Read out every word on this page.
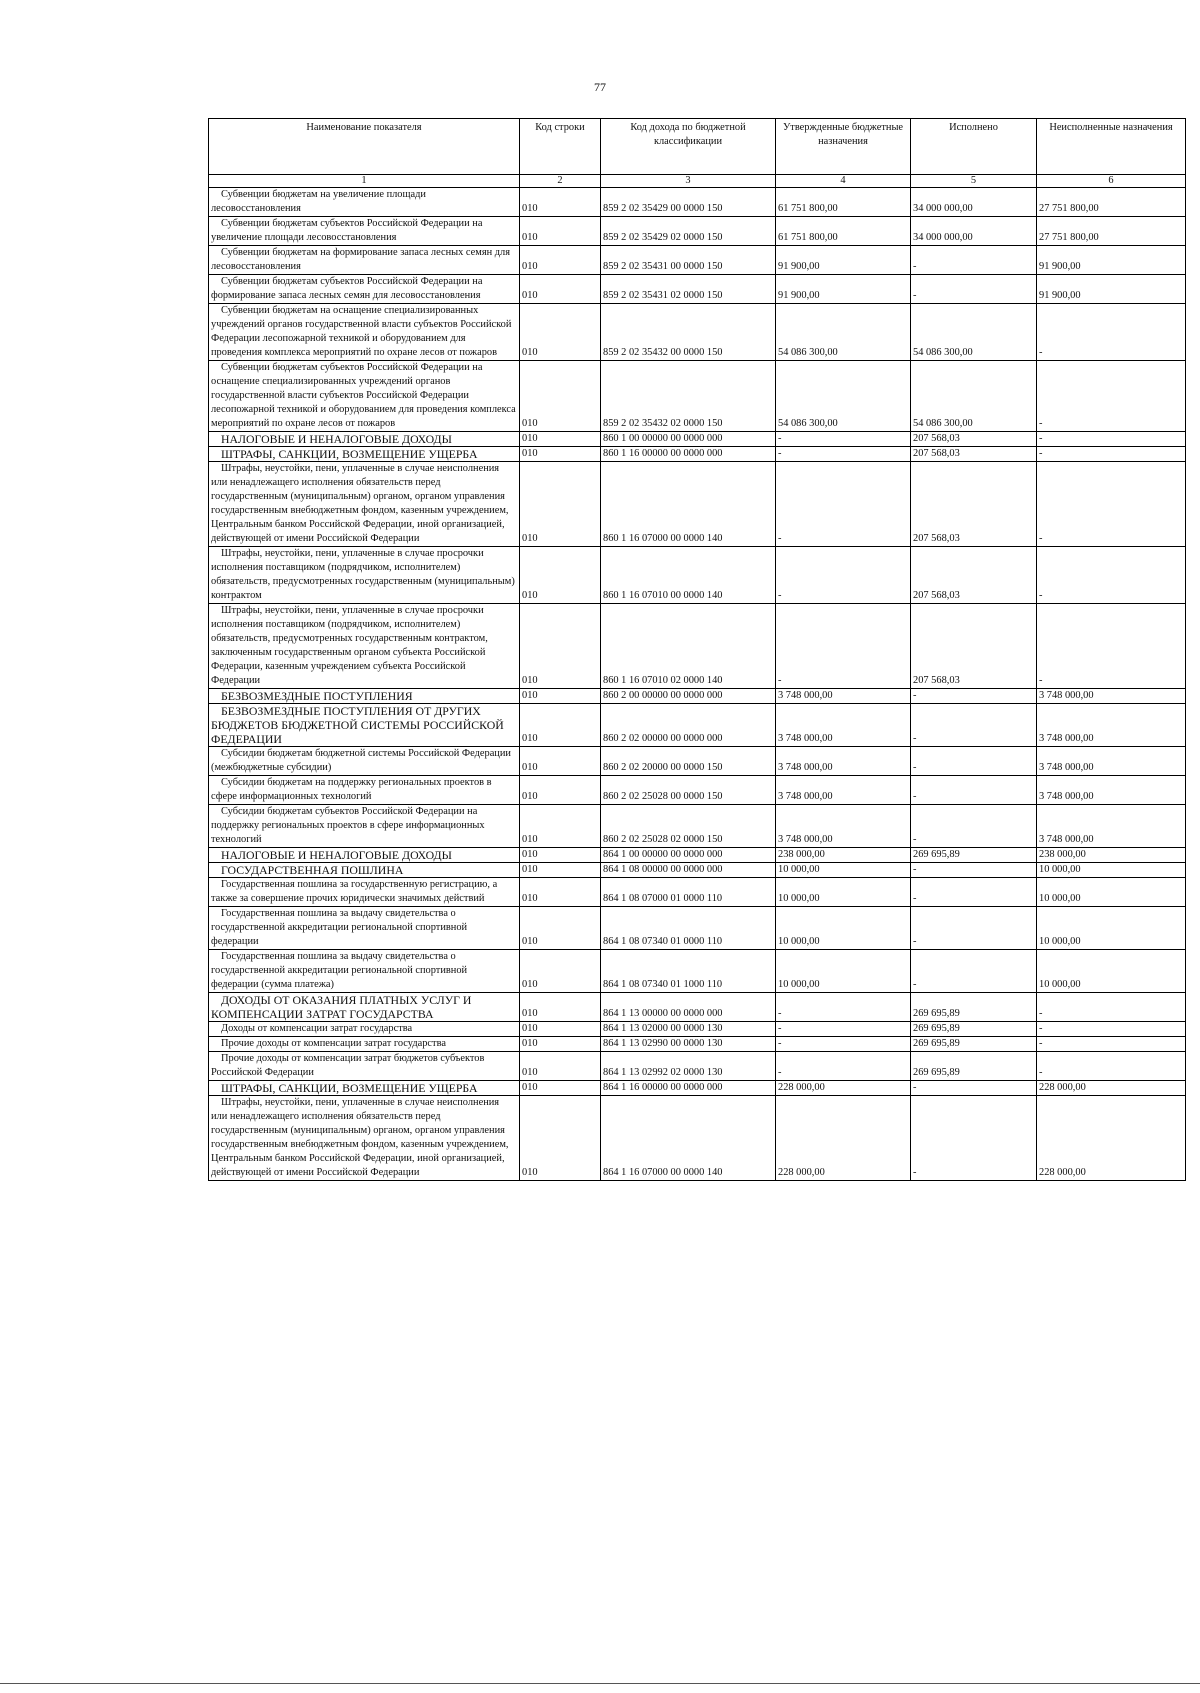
77
Наименование показателя	Код строки	Код дохода по бюджетной классификации	Утвержденные бюджетные назначения	Исполнено	Неисполненные назначения
1	2	3	4	5	6

Субвенции бюджетам на увеличение площади лесовосстановления	010	859 2 02 35429 00 0000 150	61 751 800,00	34 000 000,00	27 751 800,00

Субвенции бюджетам субъектов Российской Федерации на увеличение площади лесовосстановления	010	859 2 02 35429 02 0000 150	61 751 800,00	34 000 000,00	27 751 800,00

Субвенции бюджетам на формирование запаса лесных семян для лесовосстановления	010	859 2 02 35431 00 0000 150	91 900,00	-	91 900,00

Субвенции бюджетам субъектов Российской Федерации на формирование запаса лесных семян для лесовосстановления	010	859 2 02 35431 02 0000 150	91 900,00	-	91 900,00

Субвенции бюджетам на оснащение специализированных учреждений органов государственной власти субъектов Российской Федерации лесопожарной техникой и оборудованием для проведения комплекса мероприятий по охране лесов от пожаров	010	859 2 02 35432 00 0000 150	54 086 300,00	54 086 300,00	-

Субвенции бюджетам субъектов Российской Федерации на оснащение специализированных учреждений органов государственной власти субъектов Российской Федерации лесопожарной техникой и оборудованием для проведения комплекса мероприятий по охране лесов от пожаров	010	859 2 02 35432 02 0000 150	54 086 300,00	54 086 300,00	-

НАЛОГОВЫЕ И НЕНАЛОГОВЫЕ ДОХОДЫ	010	860 1 00 00000 00 0000 000	-	207 568,03	-

ШТРАФЫ, САНКЦИИ, ВОЗМЕЩЕНИЕ УЩЕРБА	010	860 1 16 00000 00 0000 000	-	207 568,03	-

Штрафы, неустойки, пени, уплаченные в случае неисполнения или ненадлежащего исполнения обязательств перед государственным (муниципальным) органом, органом управления государственным внебюджетным фондом, казенным учреждением, Центральным банком Российской Федерации, иной организацией, действующей от имени Российской Федерации	010	860 1 16 07000 00 0000 140	-	207 568,03	-

Штрафы, неустойки, пени, уплаченные в случае просрочки исполнения поставщиком (подрядчиком, исполнителем) обязательств, предусмотренных государственным (муниципальным) контрактом	010	860 1 16 07010 00 0000 140	-	207 568,03	-

Штрафы, неустойки, пени, уплаченные в случае просрочки исполнения поставщиком (подрядчиком, исполнителем) обязательств, предусмотренных государственным контрактом, заключенным государственным органом субъекта Российской Федерации, казенным учреждением субъекта Российской Федерации	010	860 1 16 07010 02 0000 140	-	207 568,03	-

БЕЗВОЗМЕЗДНЫЕ ПОСТУПЛЕНИЯ	010	860 2 00 00000 00 0000 000	3 748 000,00	-	3 748 000,00

БЕЗВОЗМЕЗДНЫЕ ПОСТУПЛЕНИЯ ОТ ДРУГИХ БЮДЖЕТОВ БЮДЖЕТНОЙ СИСТЕМЫ РОССИЙСКОЙ ФЕДЕРАЦИИ	010	860 2 02 00000 00 0000 000	3 748 000,00	-	3 748 000,00

Субсидии бюджетам бюджетной системы Российской Федерации (межбюджетные субсидии)	010	860 2 02 20000 00 0000 150	3 748 000,00	-	3 748 000,00

Субсидии бюджетам на поддержку региональных проектов в сфере информационных технологий	010	860 2 02 25028 00 0000 150	3 748 000,00	-	3 748 000,00

Субсидии бюджетам субъектов Российской Федерации на поддержку региональных проектов в сфере информационных технологий	010	860 2 02 25028 02 0000 150	3 748 000,00	-	3 748 000,00

НАЛОГОВЫЕ И НЕНАЛОГОВЫЕ ДОХОДЫ	010	864 1 00 00000 00 0000 000	238 000,00	269 695,89	238 000,00

ГОСУДАРСТВЕННАЯ ПОШЛИНА	010	864 1 08 00000 00 0000 000	10 000,00	-	10 000,00

Государственная пошлина за государственную регистрацию, а также за совершение прочих юридически значимых действий	010	864 1 08 07000 01 0000 110	10 000,00	-	10 000,00

Государственная пошлина за выдачу свидетельства о государственной аккредитации региональной спортивной федерации	010	864 1 08 07340 01 0000 110	10 000,00	-	10 000,00

Государственная пошлина за выдачу свидетельства о государственной аккредитации региональной спортивной федерации (сумма платежа)	010	864 1 08 07340 01 1000 110	10 000,00	-	10 000,00

ДОХОДЫ ОТ ОКАЗАНИЯ ПЛАТНЫХ УСЛУГ И КОМПЕНСАЦИИ ЗАТРАТ ГОСУДАРСТВА	010	864 1 13 00000 00 0000 000	-	269 695,89	-

Доходы от компенсации затрат государства	010	864 1 13 02000 00 0000 130	-	269 695,89	-

Прочие доходы от компенсации затрат государства	010	864 1 13 02990 00 0000 130	-	269 695,89	-

Прочие доходы от компенсации затрат бюджетов субъектов Российской Федерации	010	864 1 13 02992 02 0000 130	-	269 695,89	-

ШТРАФЫ, САНКЦИИ, ВОЗМЕЩЕНИЕ УЩЕРБА	010	864 1 16 00000 00 0000 000	228 000,00	-	228 000,00

Штрафы, неустойки, пени, уплаченные в случае неисполнения или ненадлежащего исполнения обязательств перед государственным (муниципальным) органом, органом управления государственным внебюджетным фондом, казенным учреждением, Центральным банком Российской Федерации, иной организацией, действующей от имени Российской Федерации	010	864 1 16 07000 00 0000 140	228 000,00	-	228 000,00
